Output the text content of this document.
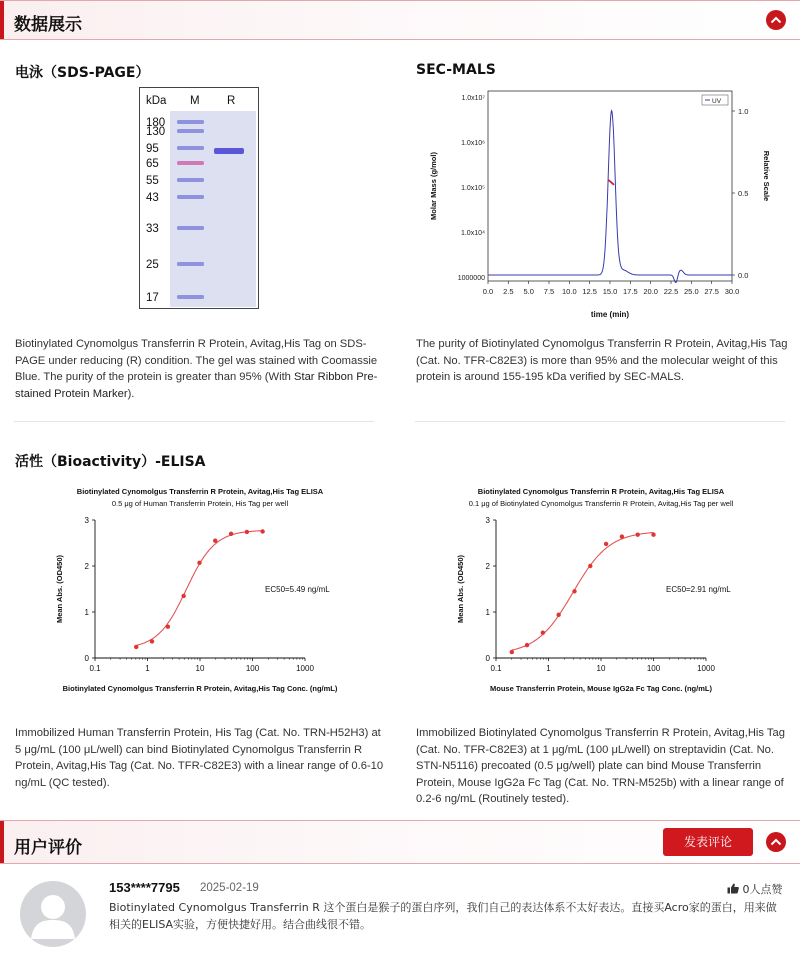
数据展示
电泳（SDS-PAGE）
kDa M R
180
130
95
65
55
43
33
25
17
Biotinylated Cynomolgus Transferrin R Protein, Avitag,His Tag on SDS-PAGE under reducing (R) condition. The gel was stained with Coomassie Blue. The purity of the protein is greater than 95% (With Star Ribbon Pre-stained Protein Marker).
SEC-MALS
0.0 2.5 5.0 7.5 10.0 12.5 15.0 17.5 20.0 22.5 25.0 27.5 30.0
1000000
1.0x10⁴
1.0x10⁵
1.0x10⁶
1.0x10⁷
0.0
0.5
1.0
time (min)
Molar Mass (g/mol)	Relative Scale
UV
The purity of Biotinylated Cynomolgus Transferrin R Protein, Avitag,His Tag (Cat. No. TFR-C82E3) is more than 95% and the molecular weight of this protein is around 155-195 kDa verified by SEC-MALS.
活性（Bioactivity）-ELISA
Biotinylated Cynomolgus Transferrin R Protein, Avitag,His Tag ELISA
0.5 μg of Human Transferrin Protein, His Tag per well
0
1
2
3
0.1	1	10	100	1000
Biotinylated Cynomolgus Transferrin R Protein, Avitag,His Tag Conc. (ng/mL)
Mean Abs. (OD450)	EC50=5.49 ng/mL
Biotinylated Cynomolgus Transferrin R Protein, Avitag,His Tag ELISA
0.1 μg of Biotinylated Cynomolgus Transferrin R Protein, Avitag,His Tag per well
0
1
2
3
0.1	1	10	100	1000
Mouse Transferrin Protein, Mouse IgG2a Fc Tag Conc. (ng/mL)
Mean Abs. (OD450)	EC50=2.91 ng/mL
Immobilized Human Transferrin Protein, His Tag (Cat. No. TRN-H52H3) at 5 μg/mL (100 μL/well) can bind Biotinylated Cynomolgus Transferrin R Protein, Avitag,His Tag (Cat. No. TFR-C82E3) with a linear range of 0.6-10 ng/mL (QC tested).
Immobilized Biotinylated Cynomolgus Transferrin R Protein, Avitag,His Tag (Cat. No. TFR-C82E3) at 1 μg/mL (100 μL/well) on streptavidin (Cat. No. STN-N5116) precoated (0.5 μg/well) plate can bind Mouse Transferrin Protein, Mouse IgG2a Fc Tag (Cat. No. TRN-M525b) with a linear range of 0.2-6 ng/mL (Routinely tested).
用户评价	发表评论
153****7795 2025-02-19	0人点赞
Biotinylated Cynomolgus Transferrin R 这个蛋白是猴子的蛋白序列，我们自己的表达体系不太好表达。直接买Acro家的蛋白，用来做相关的ELISA实验，方便快捷好用。结合曲线很不错。
